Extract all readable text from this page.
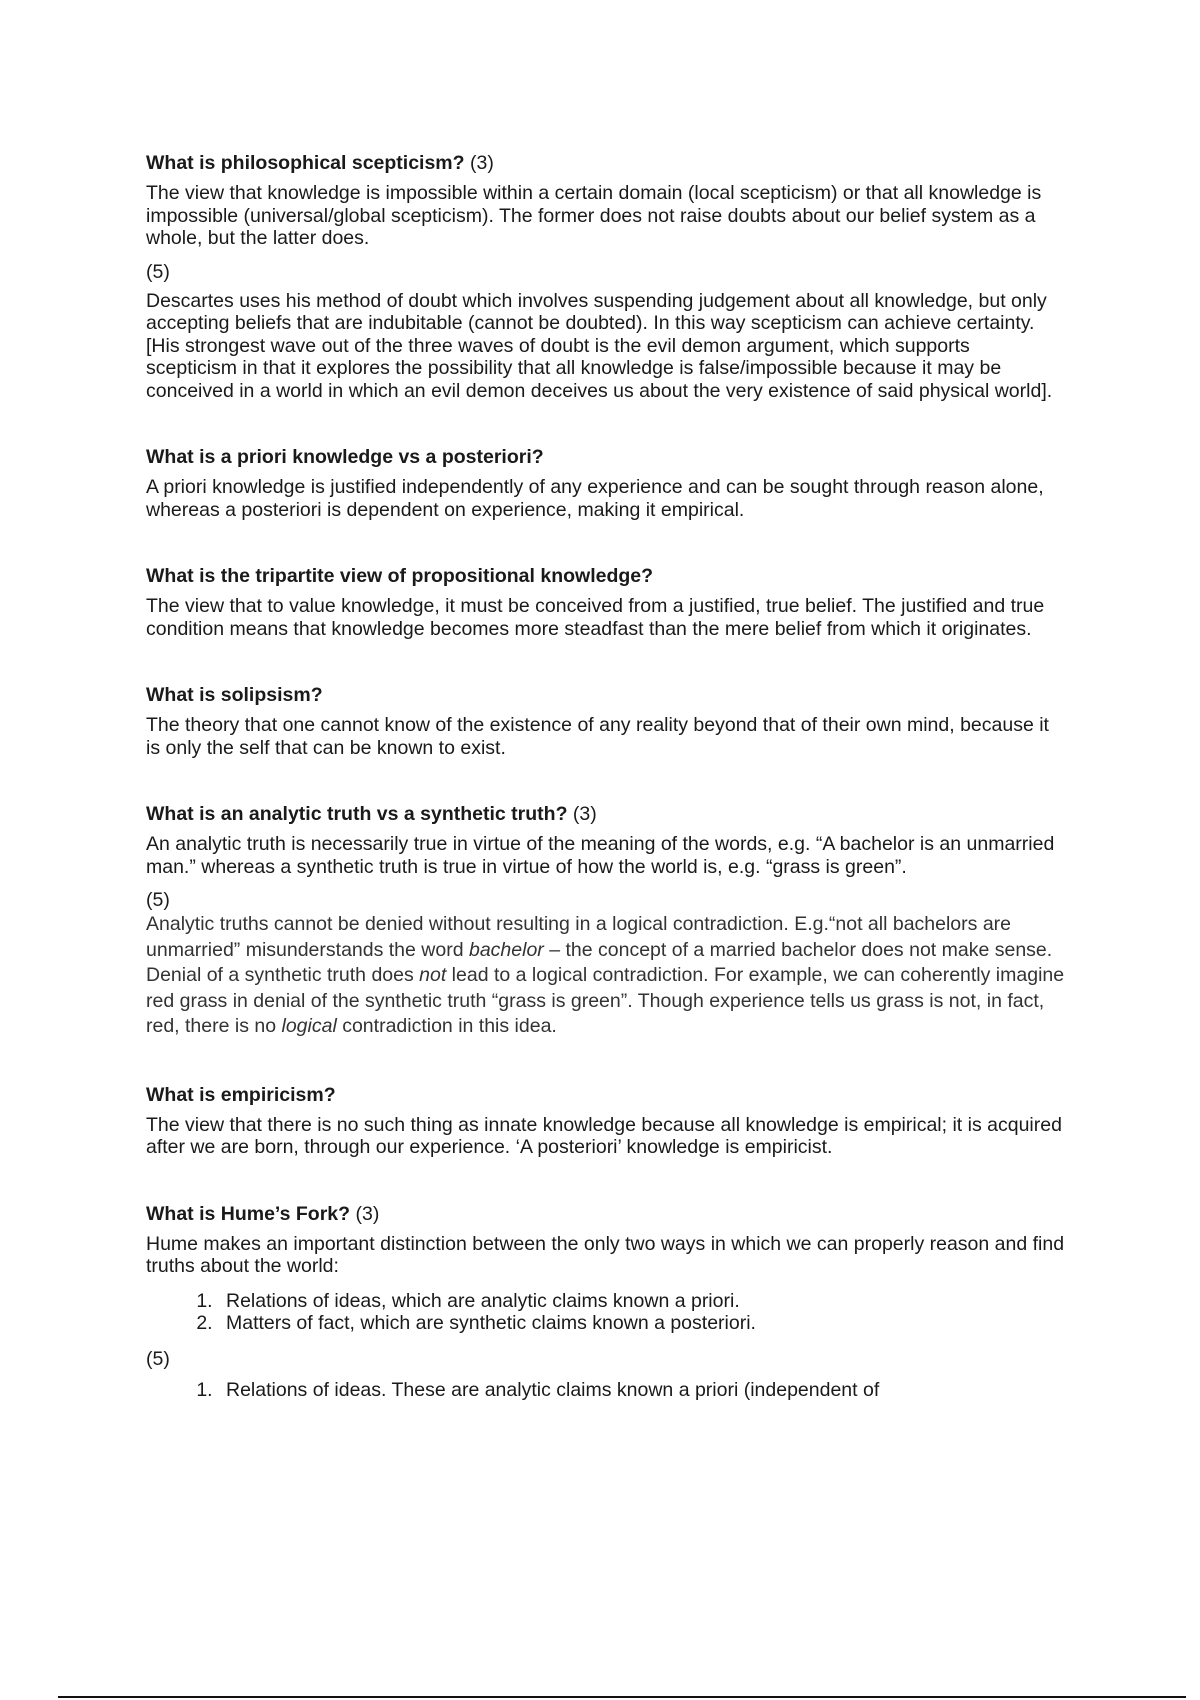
What is philosophical scepticism? (3)

The view that knowledge is impossible within a certain domain (local scepticism) or that all knowledge is impossible (universal/global scepticism). The former does not raise doubts about our belief system as a whole, but the latter does.

(5)

Descartes uses his method of doubt which involves suspending judgement about all knowledge, but only accepting beliefs that are indubitable (cannot be doubted). In this way scepticism can achieve certainty. [His strongest wave out of the three waves of doubt is the evil demon argument, which supports scepticism in that it explores the possibility that all knowledge is false/impossible because it may be conceived in a world in which an evil demon deceives us about the very existence of said physical world].

What is a priori knowledge vs a posteriori?

A priori knowledge is justified independently of any experience and can be sought through reason alone, whereas a posteriori is dependent on experience, making it empirical.

What is the tripartite view of propositional knowledge?

The view that to value knowledge, it must be conceived from a justified, true belief. The justified and true condition means that knowledge becomes more steadfast than the mere belief from which it originates.

What is solipsism?

The theory that one cannot know of the existence of any reality beyond that of their own mind, because it is only the self that can be known to exist.

What is an analytic truth vs a synthetic truth? (3)

An analytic truth is necessarily true in virtue of the meaning of the words, e.g. “A bachelor is an unmarried man.” whereas a synthetic truth is true in virtue of how the world is, e.g. “grass is green”.

(5)

Analytic truths cannot be denied without resulting in a logical contradiction. E.g.“not all bachelors are unmarried” misunderstands the word bachelor – the concept of a married bachelor does not make sense. Denial of a synthetic truth does not lead to a logical contradiction. For example, we can coherently imagine red grass in denial of the synthetic truth “grass is green”. Though experience tells us grass is not, in fact, red, there is no logical contradiction in this idea.

What is empiricism?

The view that there is no such thing as innate knowledge because all knowledge is empirical; it is acquired after we are born, through our experience. ‘A posteriori’ knowledge is empiricist.

What is Hume’s Fork? (3)

Hume makes an important distinction between the only two ways in which we can properly reason and find truths about the world:

1. Relations of ideas, which are analytic claims known a priori.
2. Matters of fact, which are synthetic claims known a posteriori.
(5)
1. Relations of ideas. These are analytic claims known a priori (independent of
